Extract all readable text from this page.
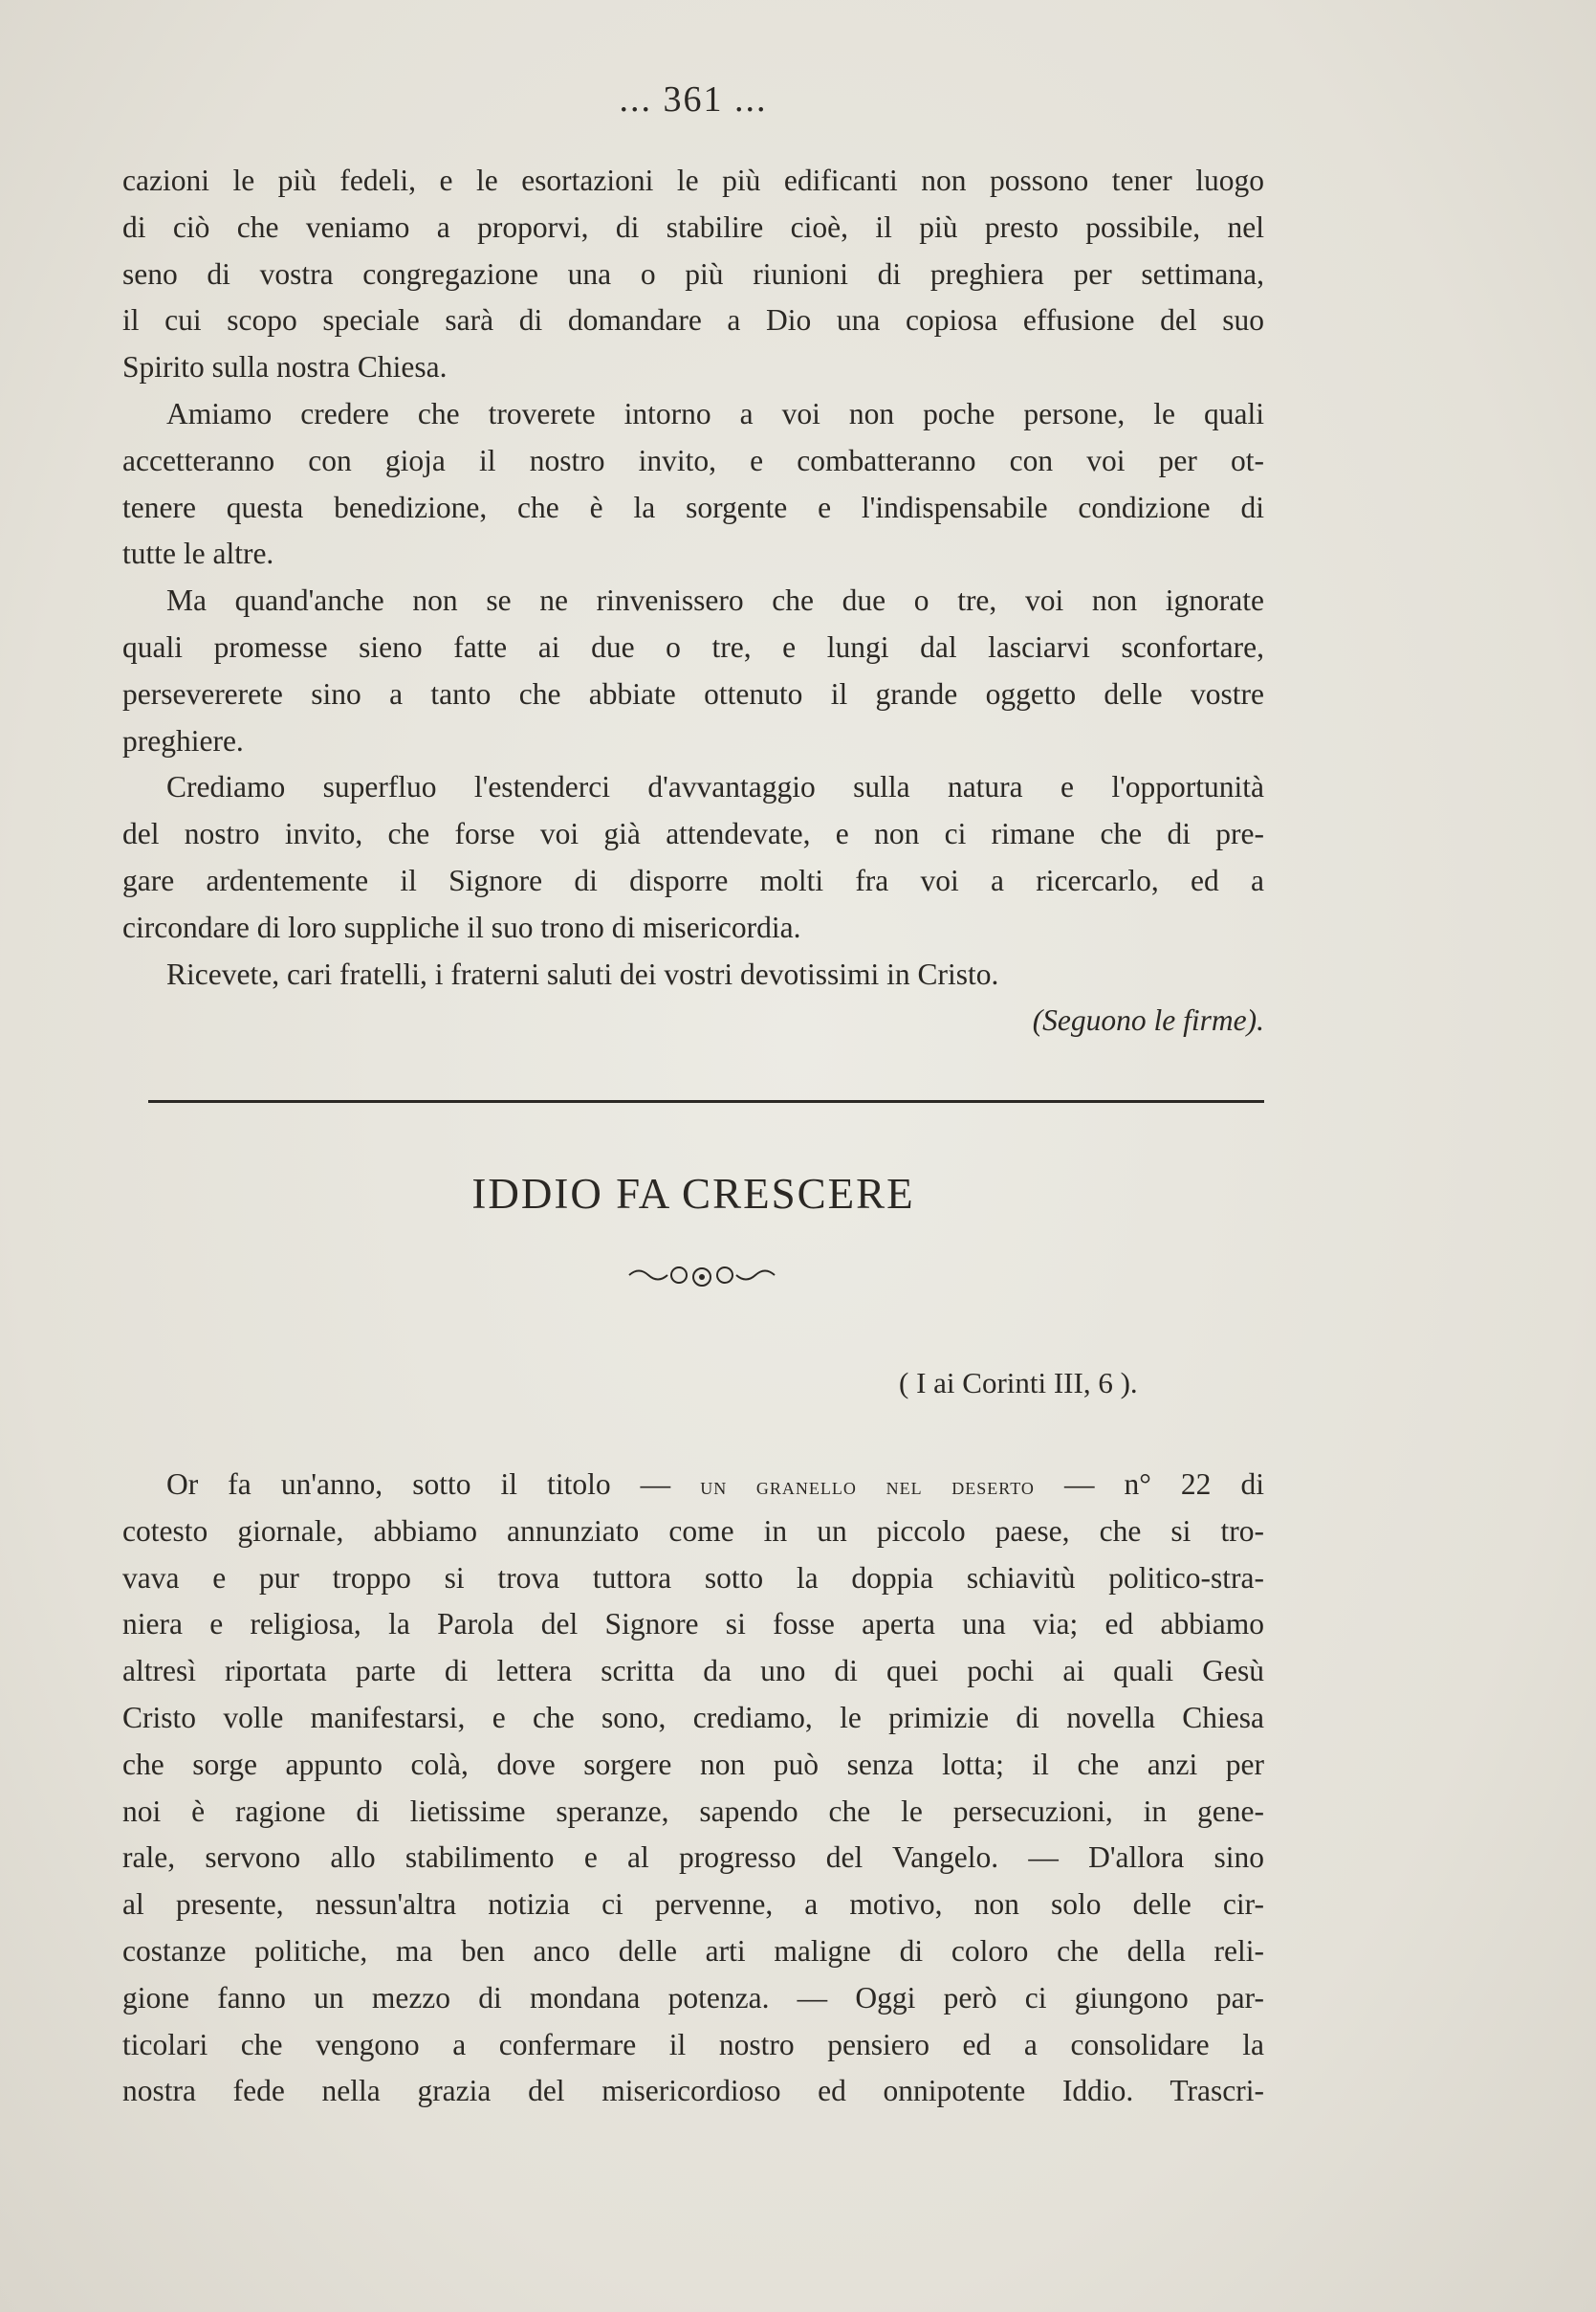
... 361 ...
cazioni le più fedeli, e le esortazioni le più edificanti non possono tener luogo
di ciò che veniamo a proporvi, di stabilire cioè, il più presto possibile, nel
seno di vostra congregazione una o più riunioni di preghiera per settimana,
il cui scopo speciale sarà di domandare a Dio una copiosa effusione del suo
Spirito sulla nostra Chiesa.
Amiamo credere che troverete intorno a voi non poche persone, le quali
accetteranno con gioja il nostro invito, e combatteranno con voi per ot-
tenere questa benedizione, che è la sorgente e l'indispensabile condizione di
tutte le altre.
Ma quand'anche non se ne rinvenissero che due o tre, voi non ignorate
quali promesse sieno fatte ai due o tre, e lungi dal lasciarvi sconfortare,
persevererete sino a tanto che abbiate ottenuto il grande oggetto delle vostre
preghiere.
Crediamo superfluo l'estenderci d'avvantaggio sulla natura e l'opportunità
del nostro invito, che forse voi già attendevate, e non ci rimane che di pre-
gare ardentemente il Signore di disporre molti fra voi a ricercarlo, ed a
circondare di loro suppliche il suo trono di misericordia.
Ricevete, cari fratelli, i fraterni saluti dei vostri devotissimi in Cristo.
(Seguono le firme).
IDDIO FA CRESCERE
( I ai Corinti III, 6 ).
Or fa un'anno, sotto il titolo — un granello nel deserto — n° 22 di
cotesto giornale, abbiamo annunziato come in un piccolo paese, che si tro-
vava e pur troppo si trova tuttora sotto la doppia schiavitù politico-stra-
niera e religiosa, la Parola del Signore si fosse aperta una via; ed abbiamo
altresì riportata parte di lettera scritta da uno di quei pochi ai quali Gesù
Cristo volle manifestarsi, e che sono, crediamo, le primizie di novella Chiesa
che sorge appunto colà, dove sorgere non può senza lotta; il che anzi per
noi è ragione di lietissime speranze, sapendo che le persecuzioni, in gene-
rale, servono allo stabilimento e al progresso del Vangelo. — D'allora sino
al presente, nessun'altra notizia ci pervenne, a motivo, non solo delle cir-
costanze politiche, ma ben anco delle arti maligne di coloro che della reli-
gione fanno un mezzo di mondana potenza. — Oggi però ci giungono par-
ticolari che vengono a confermare il nostro pensiero ed a consolidare la
nostra fede nella grazia del misericordioso ed onnipotente Iddio. Trascri-
